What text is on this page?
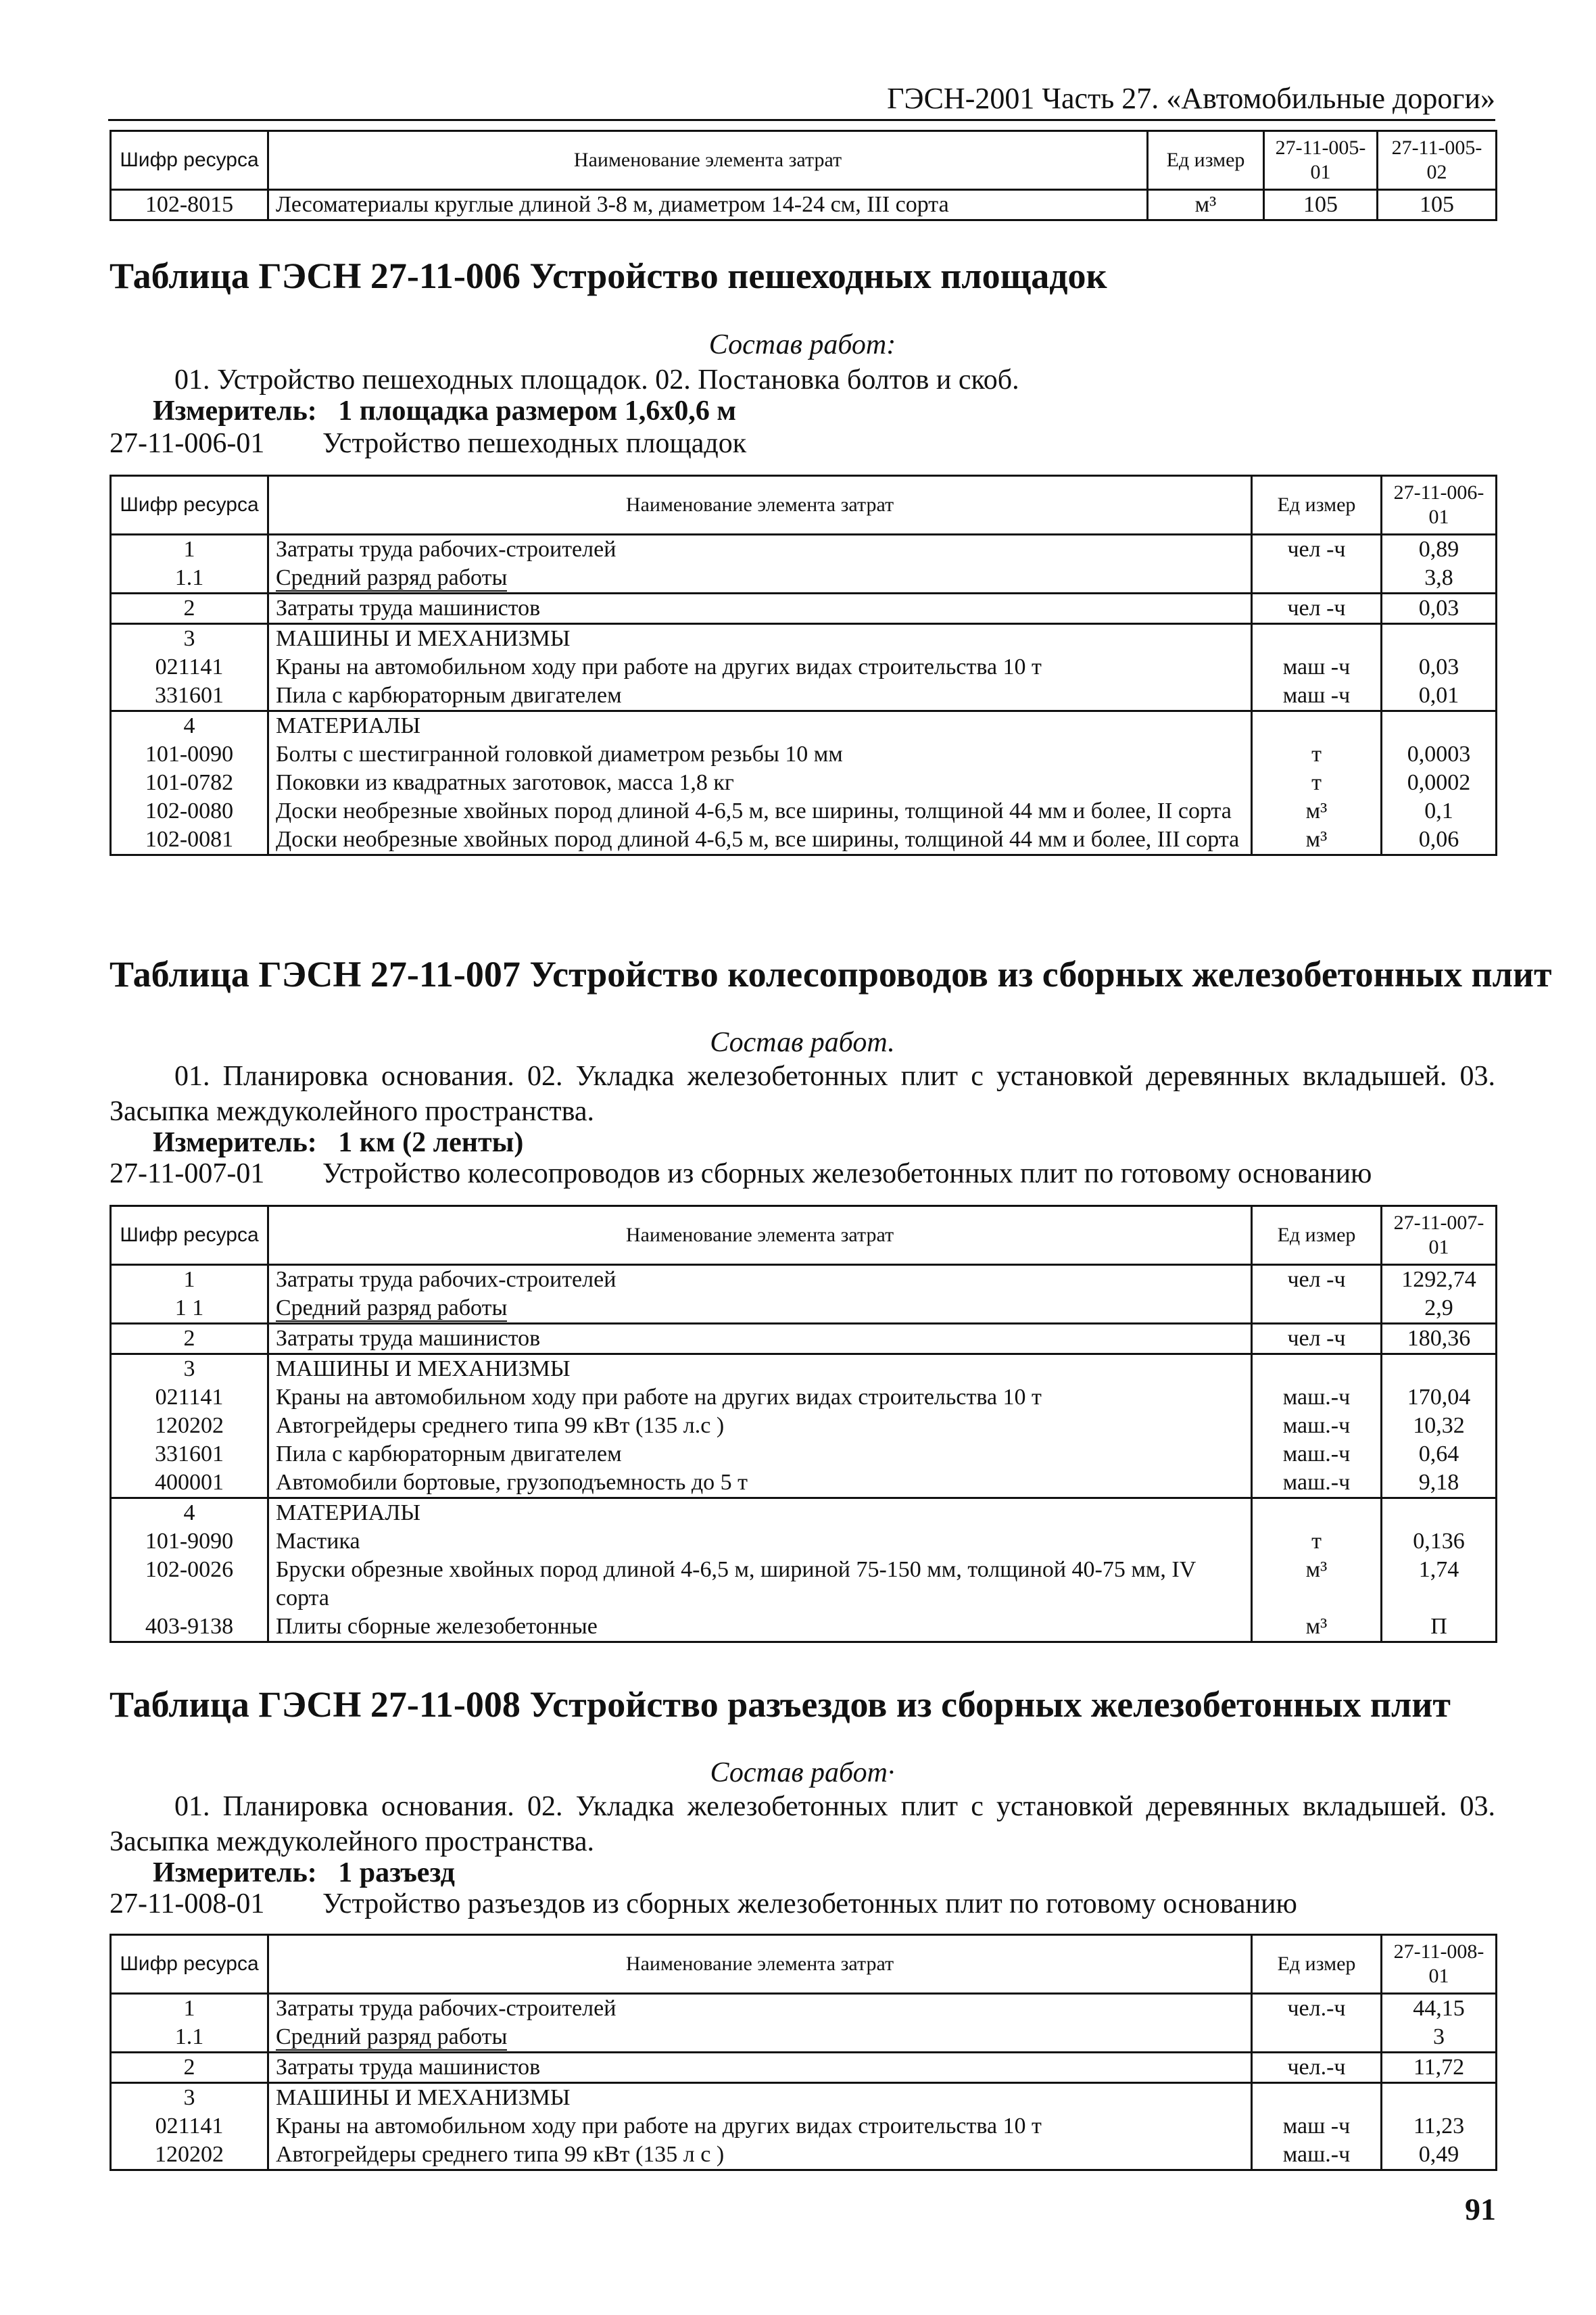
ГЭСН-2001 Часть 27. «Автомобильные дороги»
Шифр ресурса	Наименование элемента затрат	Ед измер	27-11-005-01	27-11-005-02
102-8015	Лесоматериалы круглые длиной 3-8 м, диаметром 14-24 см, III сорта	м³	105	105
Таблица ГЭСН 27-11-006 Устройство пешеходных площадок
Состав работ:
01. Устройство пешеходных площадок. 02. Постановка болтов и скоб.
Измеритель: 1 площадка размером 1,6x0,6 м
27-11-006-01 Устройство пешеходных площадок
Шифр ресурса	Наименование элемента затрат	Ед измер	27-11-006-01
1	Затраты труда рабочих-строителей	чел -ч	0,89
1.1	Средний разряд работы		3,8
2	Затраты труда машинистов	чел -ч	0,03
3	МАШИНЫ И МЕХАНИЗМЫ		
021141	Краны на автомобильном ходу при работе на других видах строительства 10 т	маш -ч	0,03
331601	Пила с карбюраторным двигателем	маш -ч	0,01
4	МАТЕРИАЛЫ		
101-0090	Болты с шестигранной головкой диаметром резьбы 10 мм	т	0,0003
101-0782	Поковки из квадратных заготовок, масса 1,8 кг	т	0,0002
102-0080	Доски необрезные хвойных пород длиной 4-6,5 м, все ширины, толщиной 44 мм и более, II сорта	м³	0,1
102-0081	Доски необрезные хвойных пород длиной 4-6,5 м, все ширины, толщиной 44 мм и более, III сорта	м³	0,06
Таблица ГЭСН 27-11-007 Устройство колесопроводов из сборных железобетонных плит
Состав работ.
01. Планировка основания. 02. Укладка железобетонных плит с установкой деревянных вкладышей. 03. Засыпка междуколейного пространства.
Измеритель: 1 км (2 ленты)
27-11-007-01 Устройство колесопроводов из сборных железобетонных плит по готовому основанию
Шифр ресурса	Наименование элемента затрат	Ед измер	27-11-007-01
1	Затраты труда рабочих-строителей	чел -ч	1292,74
1 1	Средний разряд работы		2,9
2	Затраты труда машинистов	чел -ч	180,36
3	МАШИНЫ И МЕХАНИЗМЫ		
021141	Краны на автомобильном ходу при работе на других видах строительства 10 т	маш.-ч	170,04
120202	Автогрейдеры среднего типа 99 кВт (135 л.с )	маш.-ч	10,32
331601	Пила с карбюраторным двигателем	маш.-ч	0,64
400001	Автомобили бортовые, грузоподъемность до 5 т	маш.-ч	9,18
4	МАТЕРИАЛЫ		
101-9090	Мастика	т	0,136
102-0026	Бруски обрезные хвойных пород длиной 4-6,5 м, шириной 75-150 мм, толщиной 40-75 мм, IV сорта	м³	1,74
403-9138	Плиты сборные железобетонные	м³	П
Таблица ГЭСН 27-11-008 Устройство разъездов из сборных железобетонных плит
Состав работ·
01. Планировка основания. 02. Укладка железобетонных плит с установкой деревянных вкладышей. 03. Засыпка междуколейного пространства.
Измеритель: 1 разъезд
27-11-008-01 Устройство разъездов из сборных железобетонных плит по готовому основанию
Шифр ресурса	Наименование элемента затрат	Ед измер	27-11-008-01
1	Затраты труда рабочих-строителей	чел.-ч	44,15
1.1	Средний разряд работы		3
2	Затраты труда машинистов	чел.-ч	11,72
3	МАШИНЫ И МЕХАНИЗМЫ		
021141	Краны на автомобильном ходу при работе на других видах строительства 10 т	маш -ч	11,23
120202	Автогрейдеры среднего типа 99 кВт (135 л с )	маш.-ч	0,49
91
